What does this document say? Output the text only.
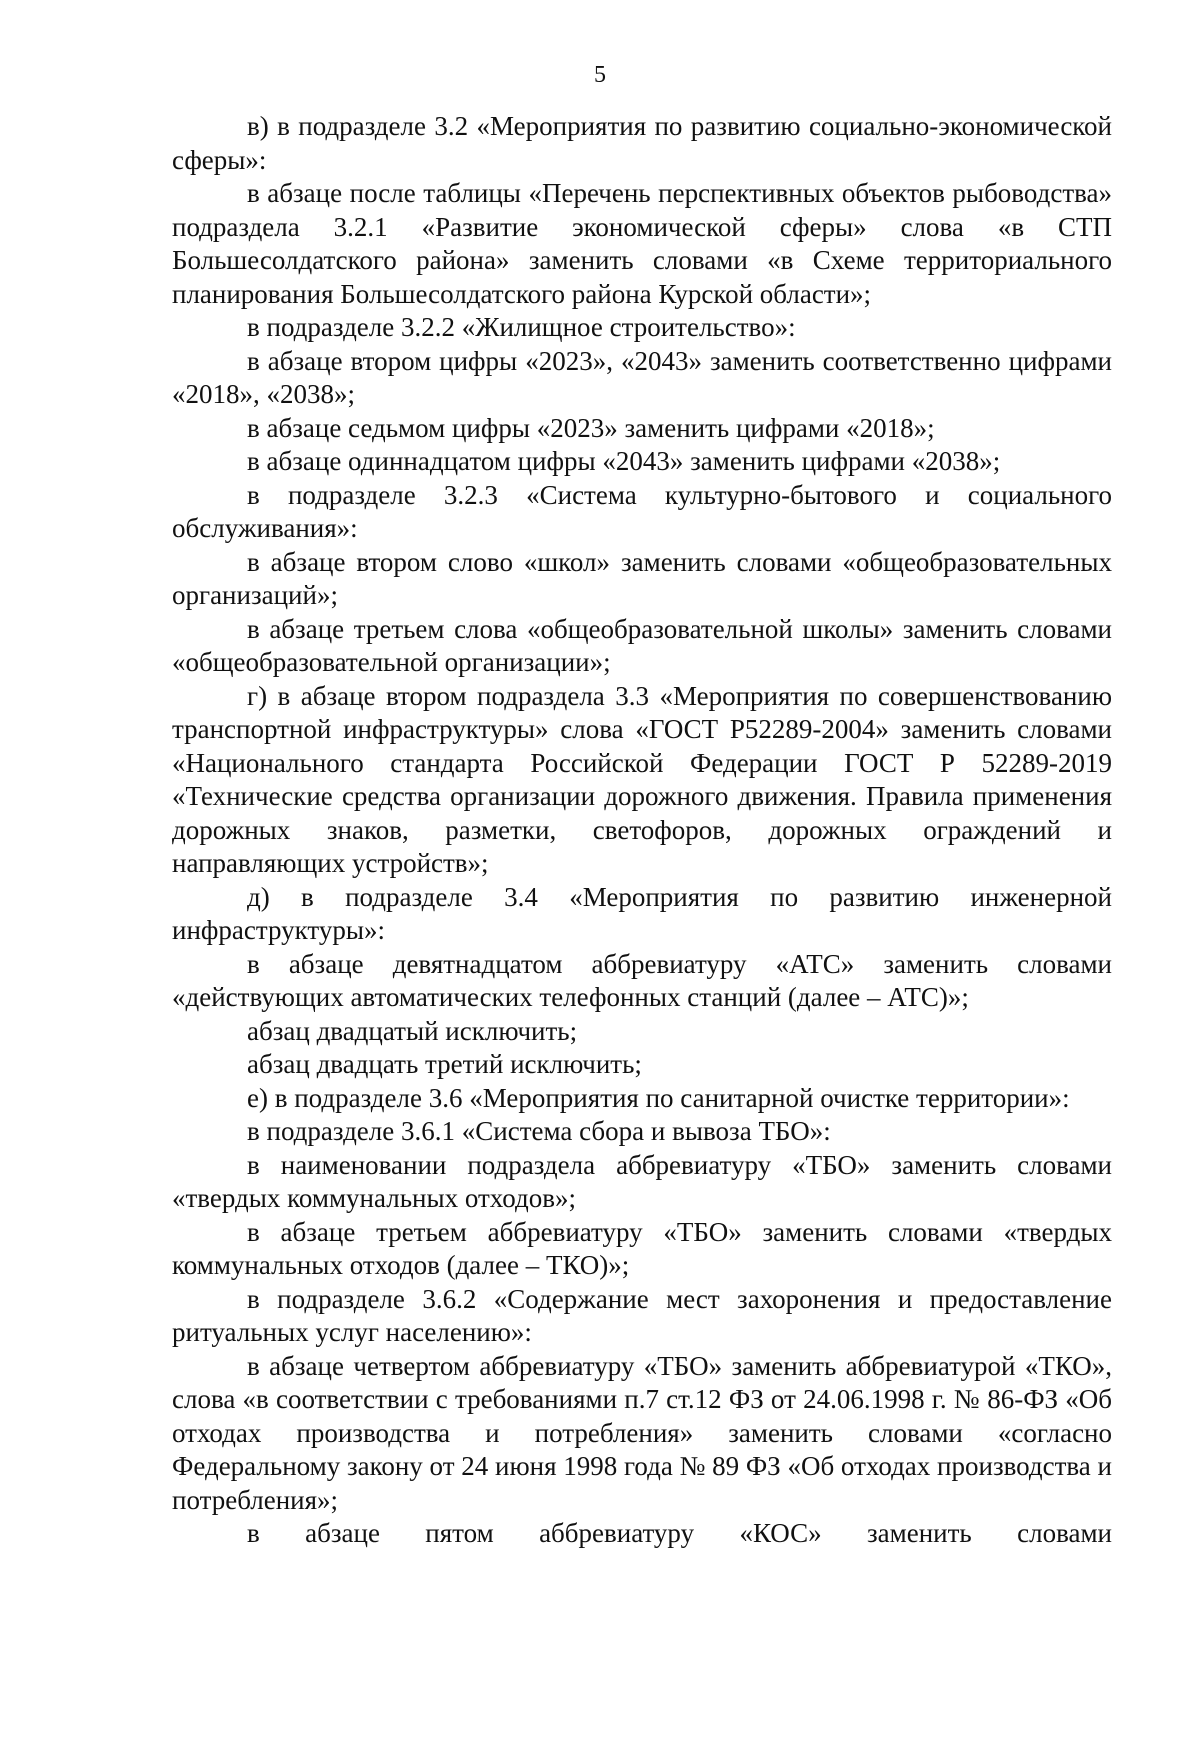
5

в) в подразделе 3.2 «Мероприятия по развитию социально-экономической сферы»:

в абзаце после таблицы «Перечень перспективных объектов рыбоводства» подраздела 3.2.1 «Развитие экономической сферы» слова «в СТП Большесолдатского района» заменить словами «в Схеме территориального планирования Большесолдатского района Курской области»;

в подразделе 3.2.2 «Жилищное строительство»:

в абзаце втором цифры «2023», «2043» заменить соответственно цифрами «2018», «2038»;

в абзаце седьмом цифры «2023» заменить цифрами «2018»;

в абзаце одиннадцатом цифры «2043» заменить цифрами «2038»;

в подразделе 3.2.3 «Система культурно-бытового и социального обслуживания»:

в абзаце втором слово «школ» заменить словами «общеобразовательных организаций»;

в абзаце третьем слова «общеобразовательной школы» заменить словами «общеобразовательной организации»;

г) в абзаце втором подраздела 3.3 «Мероприятия по совершенствованию транспортной инфраструктуры» слова «ГОСТ Р52289-2004» заменить словами «Национального стандарта Российской Федерации ГОСТ Р 52289-2019 «Технические средства организации дорожного движения. Правила применения дорожных знаков, разметки, светофоров, дорожных ограждений и направляющих устройств»;

д) в подразделе 3.4 «Мероприятия по развитию инженерной инфраструктуры»:

в абзаце девятнадцатом аббревиатуру «АТС» заменить словами «действующих автоматических телефонных станций (далее – АТС)»;

абзац двадцатый исключить;

абзац двадцать третий исключить;

е) в подразделе 3.6 «Мероприятия по санитарной очистке территории»:

в подразделе 3.6.1 «Система сбора и вывоза ТБО»:

в наименовании подраздела аббревиатуру «ТБО» заменить словами «твердых коммунальных отходов»;

в абзаце третьем аббревиатуру «ТБО» заменить словами «твердых коммунальных отходов (далее – ТКО)»;

в подразделе 3.6.2 «Содержание мест захоронения и предоставление ритуальных услуг населению»:

в абзаце четвертом аббревиатуру «ТБО» заменить аббревиатурой «ТКО», слова «в соответствии с требованиями п.7 ст.12 ФЗ от 24.06.1998 г. № 86-ФЗ «Об отходах производства и потребления» заменить словами «согласно Федеральному закону от 24 июня 1998 года № 89 ФЗ «Об отходах производства и потребления»;

в абзаце пятом аббревиатуру «КОС» заменить словами
